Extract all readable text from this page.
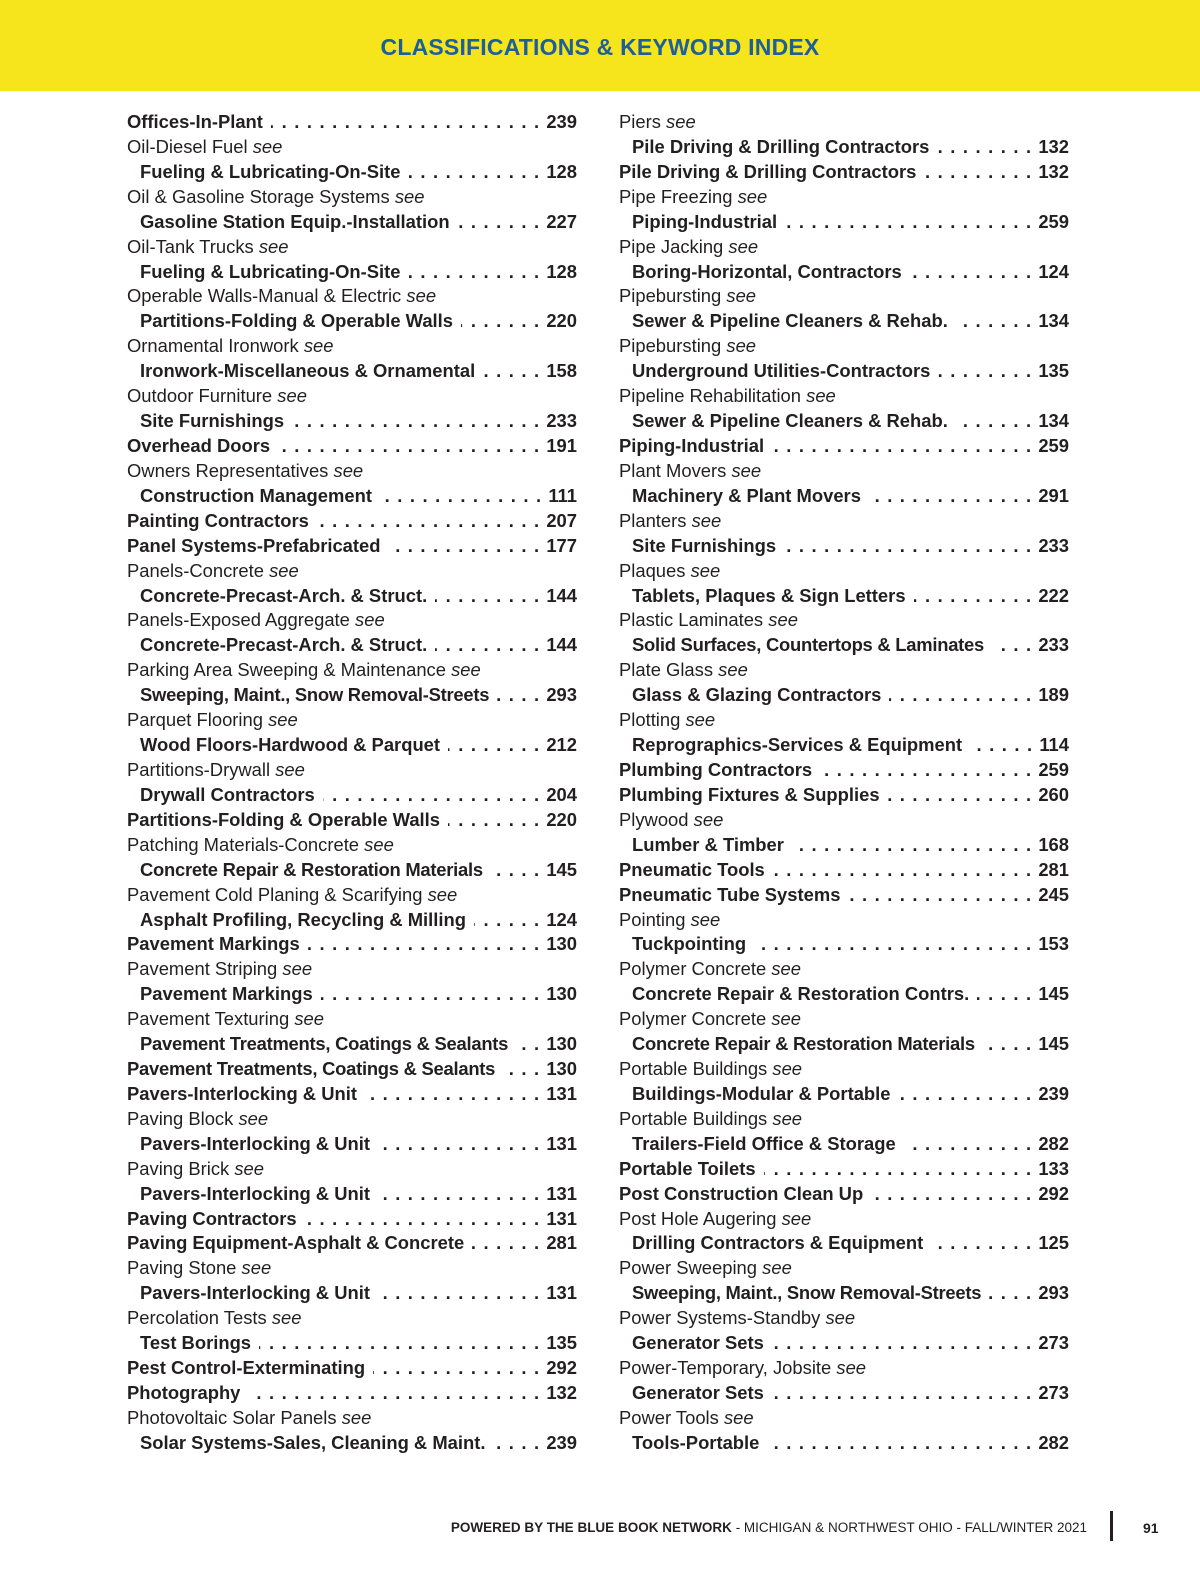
CLASSIFICATIONS & KEYWORD INDEX
Offices-In-Plant . . .	239
Oil-Diesel Fuel see
Fueling & Lubricating-On-Site . . .	128
Oil & Gasoline Storage Systems see
Gasoline Station Equip.-Installation . . .	227
Oil-Tank Trucks see
Fueling & Lubricating-On-Site . . .	128
Operable Walls-Manual & Electric see
Partitions-Folding & Operable Walls . . .	220
Ornamental Ironwork see
Ironwork-Miscellaneous & Ornamental . . .	158
Outdoor Furniture see
Site Furnishings . . .	233
Overhead Doors . . .	191
Owners Representatives see
Construction Management . . .	111
Painting Contractors . . .	207
Panel Systems-Prefabricated . . .	177
Panels-Concrete see
Concrete-Precast-Arch. & Struct. . . .	144
Panels-Exposed Aggregate see
Concrete-Precast-Arch. & Struct. . . .	144
Parking Area Sweeping & Maintenance see
Sweeping, Maint., Snow Removal-Streets . . .	293
Parquet Flooring see
Wood Floors-Hardwood & Parquet . . .	212
Partitions-Drywall see
Drywall Contractors . . .	204
Partitions-Folding & Operable Walls . . .	220
Patching Materials-Concrete see
Concrete Repair & Restoration Materials . . .	145
Pavement Cold Planing & Scarifying see
Asphalt Profiling, Recycling & Milling . . .	124
Pavement Markings . . .	130
Pavement Striping see
Pavement Markings . . .	130
Pavement Texturing see
Pavement Treatments, Coatings & Sealants . . . 130
Pavement Treatments, Coatings & Sealants . . .	130
Pavers-Interlocking & Unit . . .	131
Paving Block see
Pavers-Interlocking & Unit . . .	131
Paving Brick see
Pavers-Interlocking & Unit . . .	131
Paving Contractors . . .	131
Paving Equipment-Asphalt & Concrete . . .	281
Paving Stone see
Pavers-Interlocking & Unit . . .	131
Percolation Tests see
Test Borings . . .	135
Pest Control-Exterminating . . .	292
Photography . . .	132
Photovoltaic Solar Panels see
Solar Systems-Sales, Cleaning & Maint. . . .	239
Piers see
Pile Driving & Drilling Contractors . . .	132
Pile Driving & Drilling Contractors . . .	132
Pipe Freezing see
Piping-Industrial . . .	259
Pipe Jacking see
Boring-Horizontal, Contractors . . .	124
Pipebursting see
Sewer & Pipeline Cleaners & Rehab. . . .	134
Pipebursting see
Underground Utilities-Contractors . . .	135
Pipeline Rehabilitation see
Sewer & Pipeline Cleaners & Rehab. . . .	134
Piping-Industrial . . .	259
Plant Movers see
Machinery & Plant Movers . . .	291
Planters see
Site Furnishings . . .	233
Plaques see
Tablets, Plaques & Sign Letters . . .	222
Plastic Laminates see
Solid Surfaces, Countertops & Laminates . . .	233
Plate Glass see
Glass & Glazing Contractors . . .	189
Plotting see
Reprographics-Services & Equipment . . .	114
Plumbing Contractors . . .	259
Plumbing Fixtures & Supplies . . .	260
Plywood see
Lumber & Timber . . .	168
Pneumatic Tools . . .	281
Pneumatic Tube Systems . . .	245
Pointing see
Tuckpointing . . .	153
Polymer Concrete see
Concrete Repair & Restoration Contrs. . . .	145
Polymer Concrete see
Concrete Repair & Restoration Materials . . .	145
Portable Buildings see
Buildings-Modular & Portable . . .	239
Portable Buildings see
Trailers-Field Office & Storage . . .	282
Portable Toilets . . .	133
Post Construction Clean Up . . .	292
Post Hole Augering see
Drilling Contractors & Equipment . . .	125
Power Sweeping see
Sweeping, Maint., Snow Removal-Streets . . .	293
Power Systems-Standby see
Generator Sets . . .	273
Power-Temporary, Jobsite see
Generator Sets . . .	273
Power Tools see
Tools-Portable . . .	282
POWERED BY THE BLUE BOOK NETWORK - MICHIGAN & NORTHWEST OHIO - FALL/WINTER 2021	91
